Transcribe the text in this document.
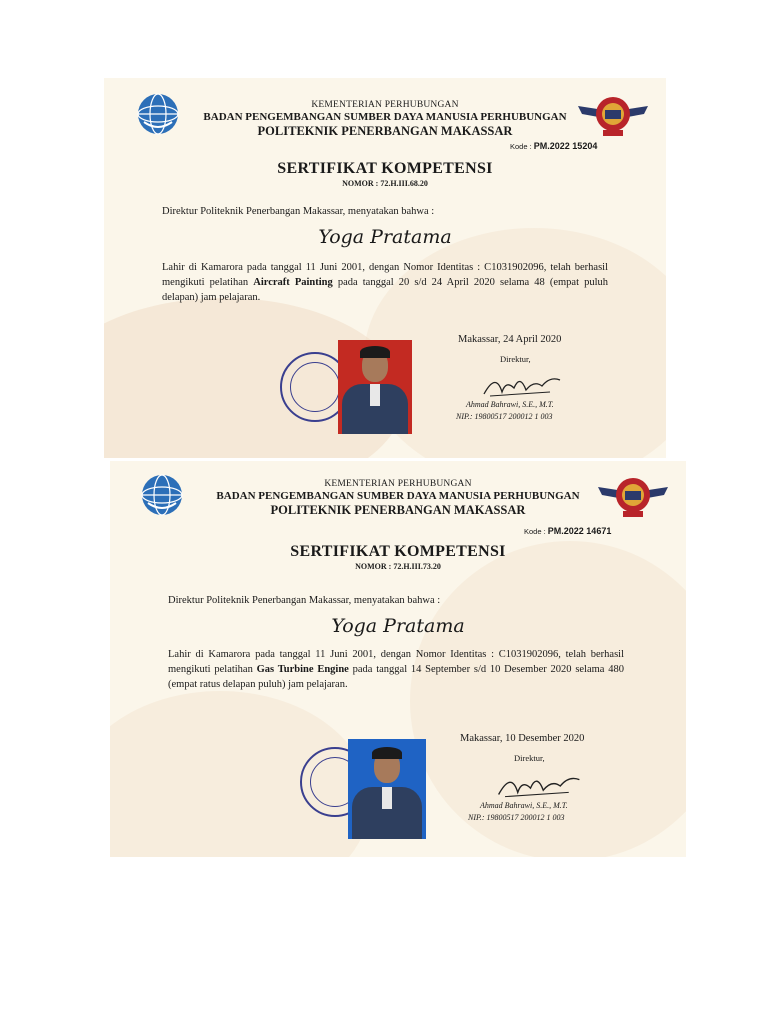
KEMENTERIAN PERHUBUNGAN
BADAN PENGEMBANGAN SUMBER DAYA MANUSIA PERHUBUNGAN
POLITEKNIK PENERBANGAN MAKASSAR
Kode : PM.2022 15204
SERTIFIKAT KOMPETENSI
NOMOR : 72.H.III.68.20
Direktur Politeknik Penerbangan Makassar, menyatakan bahwa :
Yoga Pratama
Lahir di Kamarora pada tanggal 11 Juni 2001, dengan Nomor Identitas : C1031902096, telah berhasil mengikuti pelatihan Aircraft Painting pada tanggal 20 s/d 24 April 2020 selama 48 (empat puluh delapan) jam pelajaran.
Makassar, 24 April 2020
Direktur,
Ahmad Bahrawi, S.E., M.T.
NIP.: 19800517 200012 1 003
KEMENTERIAN PERHUBUNGAN
BADAN PENGEMBANGAN SUMBER DAYA MANUSIA PERHUBUNGAN
POLITEKNIK PENERBANGAN MAKASSAR
Kode : PM.2022 14671
SERTIFIKAT KOMPETENSI
NOMOR : 72.H.III.73.20
Direktur Politeknik Penerbangan Makassar, menyatakan bahwa :
Yoga Pratama
Lahir di Kamarora pada tanggal 11 Juni 2001, dengan Nomor Identitas : C1031902096, telah berhasil mengikuti pelatihan Gas Turbine Engine pada tanggal 14 September s/d 10 Desember 2020 selama 480 (empat ratus delapan puluh) jam pelajaran.
Makassar, 10 Desember 2020
Direktur,
Ahmad Bahrawi, S.E., M.T.
NIP.: 19800517 200012 1 003
